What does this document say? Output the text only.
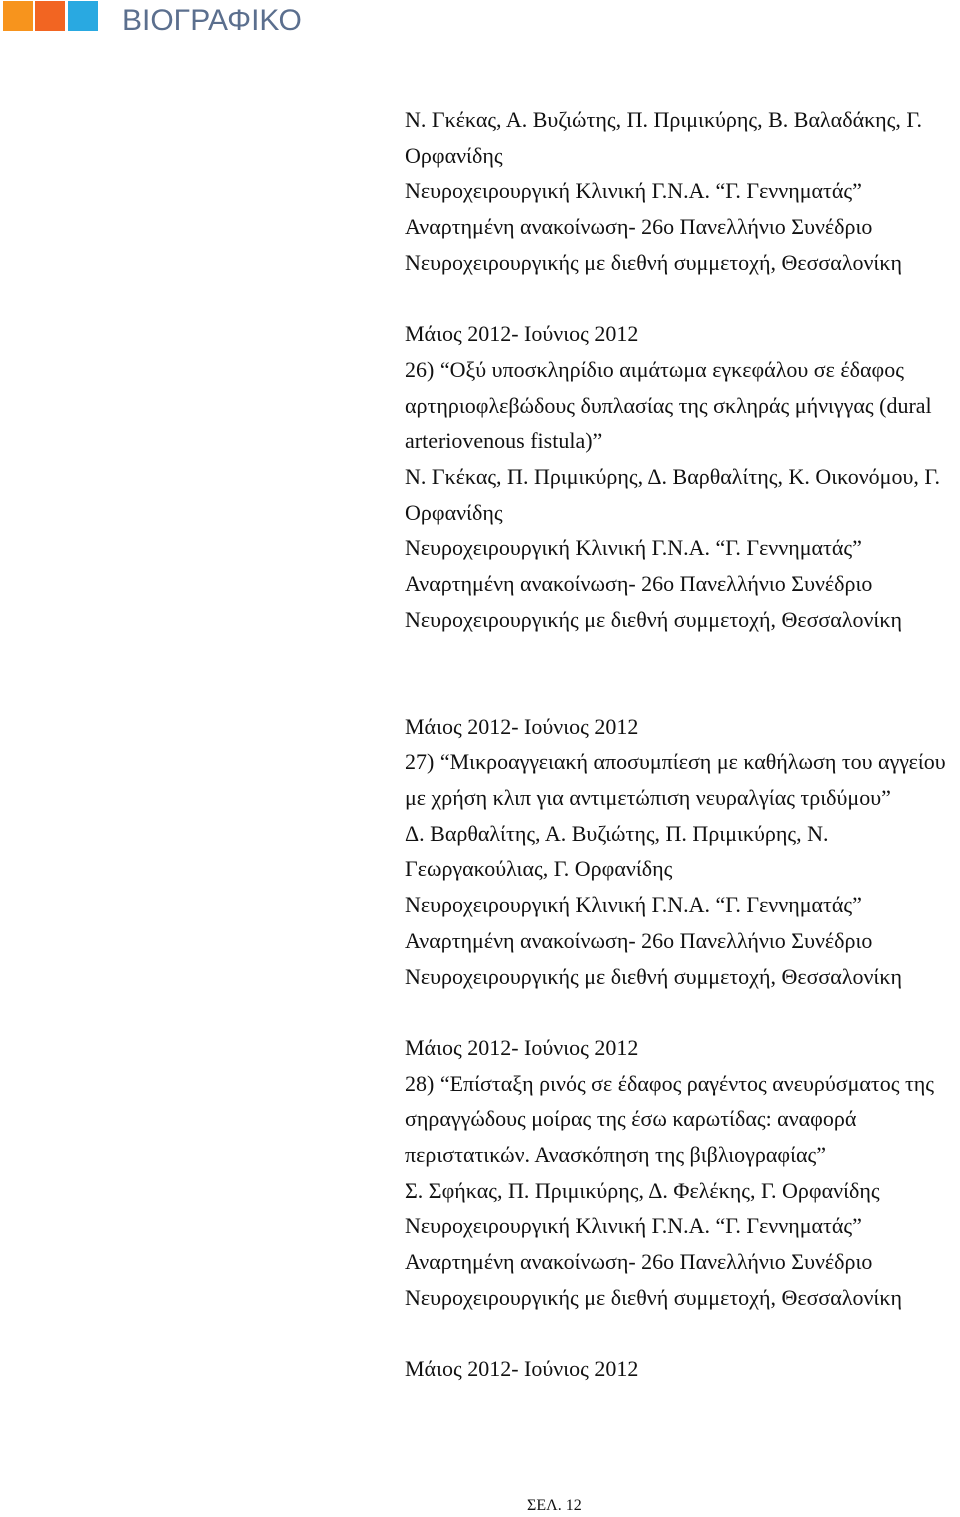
ΒΙΟΓΡΑΦΙΚΟ
Ν. Γκέκας, Α. Βυζιώτης, Π. Πριμικύρης, Β. Βαλαδάκης, Γ.
Ορφανίδης
Νευροχειρουργική Κλινική Γ.Ν.Α. “Γ. Γεννηματάς”
Αναρτημένη ανακοίνωση- 26ο Πανελλήνιο Συνέδριο
Νευροχειρουργικής με διεθνή συμμετοχή, Θεσσαλονίκη
Μάιος 2012- Ιούνιος 2012
26) “Οξύ υποσκληρίδιο αιμάτωμα εγκεφάλου σε έδαφος
αρτηριοφλεβώδους δυπλασίας της σκληράς μήνιγγας (dural
arteriovenous fistula)”
Ν. Γκέκας, Π. Πριμικύρης, Δ. Βαρθαλίτης, Κ. Οικονόμου, Γ.
Ορφανίδης
Νευροχειρουργική Κλινική Γ.Ν.Α. “Γ. Γεννηματάς”
Αναρτημένη ανακοίνωση- 26ο Πανελλήνιο Συνέδριο
Νευροχειρουργικής με διεθνή συμμετοχή, Θεσσαλονίκη
Μάιος 2012- Ιούνιος 2012
27) “Μικροαγγειακή αποσυμπίεση με καθήλωση του αγγείου
με χρήση κλιπ για αντιμετώπιση νευραλγίας τριδύμου”
Δ. Βαρθαλίτης, Α. Βυζιώτης, Π. Πριμικύρης, Ν.
Γεωργακούλιας, Γ. Ορφανίδης
Νευροχειρουργική Κλινική Γ.Ν.Α. “Γ. Γεννηματάς”
Αναρτημένη ανακοίνωση- 26ο Πανελλήνιο Συνέδριο
Νευροχειρουργικής με διεθνή συμμετοχή, Θεσσαλονίκη
Μάιος 2012- Ιούνιος 2012
28) “Επίσταξη ρινός σε έδαφος ραγέντος ανευρύσματος της
σηραγγώδους μοίρας της έσω καρωτίδας: αναφορά
περιστατικών. Ανασκόπηση της βιβλιογραφίας”
Σ. Σφήκας, Π. Πριμικύρης, Δ. Φελέκης, Γ. Ορφανίδης
Νευροχειρουργική Κλινική Γ.Ν.Α. “Γ. Γεννηματάς”
Αναρτημένη ανακοίνωση- 26ο Πανελλήνιο Συνέδριο
Νευροχειρουργικής με διεθνή συμμετοχή, Θεσσαλονίκη
Μάιος 2012- Ιούνιος 2012
ΣΕΛ. 12
